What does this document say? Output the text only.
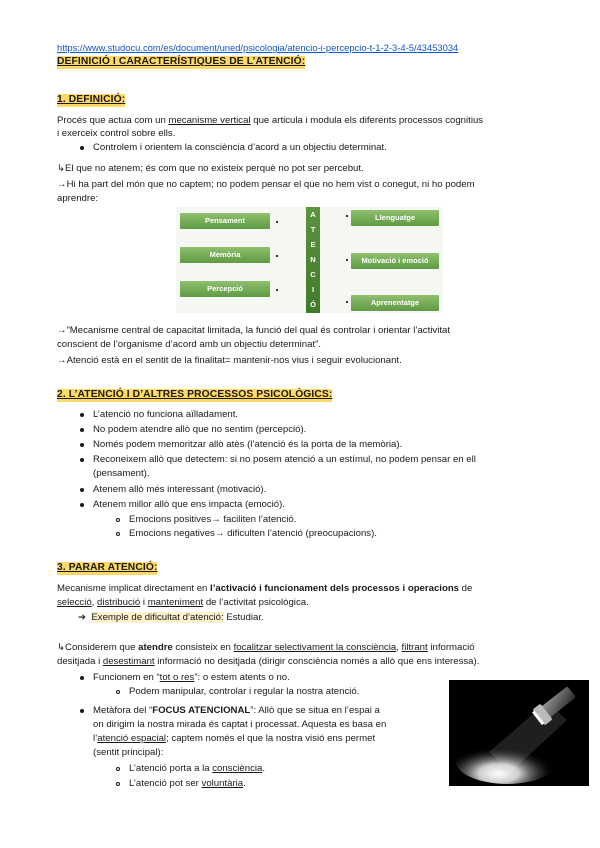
https://www.studocu.com/es/document/uned/psicologia/atencio-i-percepcio-t-1-2-3-4-5/43453034
DEFINICIÓ I CARACTERÍSTIQUES DE L’ATENCIÓ:
1. DEFINICIÓ:
Procés que actua com un mecanisme vertical que articula i modula els diferents processos cognitius
i exerceix control sobre ells.
Controlem i orientem la consciència d’acord a un objectiu determinat.
↳El que no atenem; és com que no existeix perquè no pot ser percebut.
→Hi ha part del món que no captem; no podem pensar el que no hem vist o conegut, ni ho podem
aprendre:
Pensament
Memòria
Percepció
A
T
E
N
C
I
Ó
Llenguatge
Motivació i emoció
Aprenentatge
→”Mecanisme central de capacitat limitada, la funció del qual és controlar i orientar l’activitat
conscient de l’organisme d’acord amb un objectiu determinat”.
→Atenció està en el sentit de la finalitat= mantenir-nos vius i seguir evolucionant.
2. L’ATENCIÓ I D’ALTRES PROCESSOS PSICOLÒGICS:
L’atenció no funciona aïlladament.
No podem atendre allò que no sentim (percepció).
Només podem memoritzar allò atès (l’atenció és la porta de la memòria).
Reconeixem allò que detectem: si no posem atenció a un estímul, no podem pensar en ell
(pensament).
Atenem allò més interessant (motivació).
Atenem millor allò que ens impacta (emoció).
Emocions positives→ faciliten l’atenció.
Emocions negatives→ dificulten l’atenció (preocupacions).
3. PARAR ATENCIÓ:
Mecanisme implicat directament en l’activació i funcionament dels processos i operacions de
selecció, distribució i manteniment de l’activitat psicològica.
➔ Exemple de dificultat d’atenció: Estudiar.
↳Considerem que atendre consisteix en focalitzar selectivament la consciència, filtrant informació
desitjada i desestimant informació no desitjada (dirigir consciència només a allò que ens interessa).
Funcionem en “tot o res”: o estem atents o no.
Podem manipular, controlar i regular la nostra atenció.
Metàfora del “FOCUS ATENCIONAL”: Allò que se situa en l’espai a
on dirigim la nostra mirada és captat i processat. Aquesta es basa en
l’atenció espacial; captem només el que la nostra visió ens permet
(sentit principal):
L’atenció porta a la consciència.
L’atenció pot ser voluntària.
